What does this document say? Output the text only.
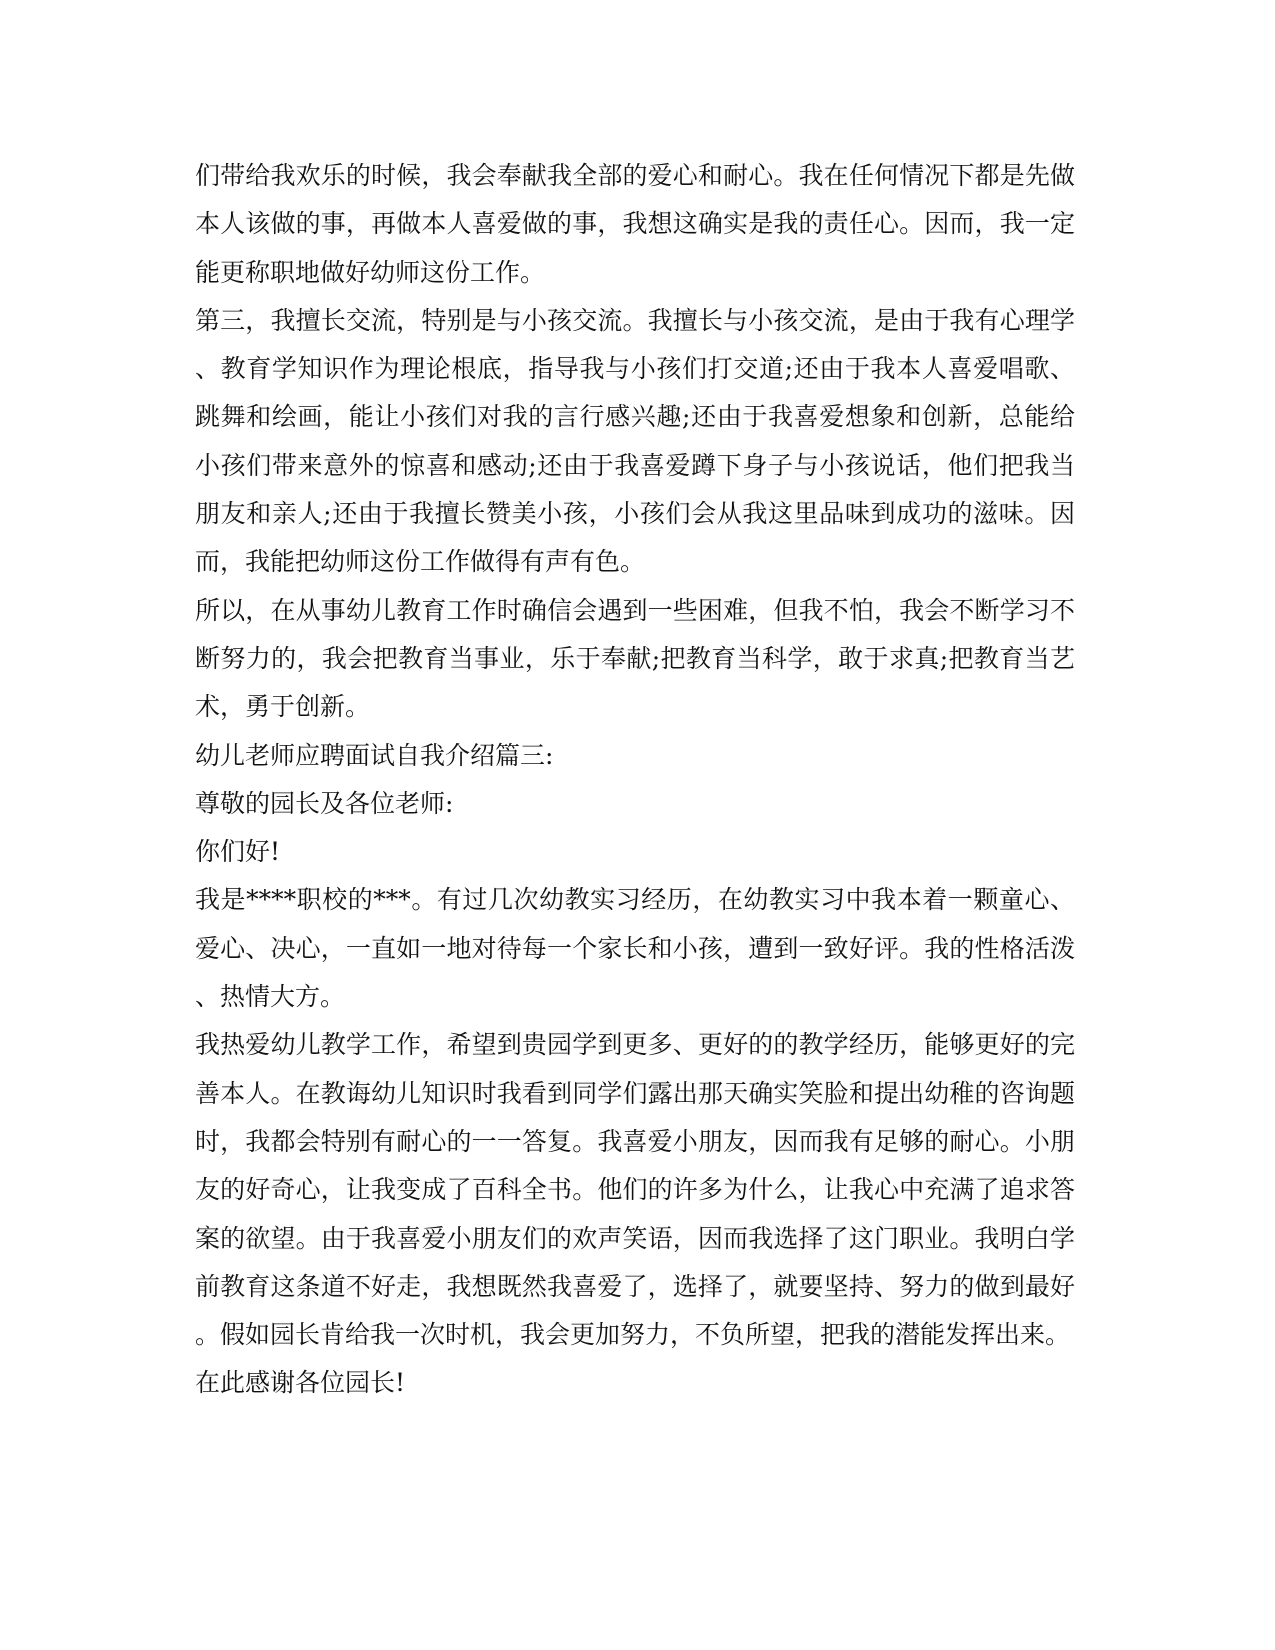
们带给我欢乐的时候，我会奉献我全部的爱心和耐心。我在任何情况下都是先做
本人该做的事，再做本人喜爱做的事，我想这确实是我的责任心。因而，我一定
能更称职地做好幼师这份工作。
第三，我擅长交流，特别是与小孩交流。我擅长与小孩交流，是由于我有心理学
、教育学知识作为理论根底，指导我与小孩们打交道;还由于我本人喜爱唱歌、
跳舞和绘画，能让小孩们对我的言行感兴趣;还由于我喜爱想象和创新，总能给
小孩们带来意外的惊喜和感动;还由于我喜爱蹲下身子与小孩说话，他们把我当
朋友和亲人;还由于我擅长赞美小孩，小孩们会从我这里品味到成功的滋味。因
而，我能把幼师这份工作做得有声有色。
所以，在从事幼儿教育工作时确信会遇到一些困难，但我不怕，我会不断学习不
断努力的，我会把教育当事业，乐于奉献;把教育当科学，敢于求真;把教育当艺
术，勇于创新。
幼儿老师应聘面试自我介绍篇三:
尊敬的园长及各位老师:
你们好!
我是****职校的***。有过几次幼教实习经历，在幼教实习中我本着一颗童心、
爱心、决心，一直如一地对待每一个家长和小孩，遭到一致好评。我的性格活泼
、热情大方。
我热爱幼儿教学工作，希望到贵园学到更多、更好的的教学经历，能够更好的完
善本人。在教诲幼儿知识时我看到同学们露出那天确实笑脸和提出幼稚的咨询题
时，我都会特别有耐心的一一答复。我喜爱小朋友，因而我有足够的耐心。小朋
友的好奇心，让我变成了百科全书。他们的许多为什么，让我心中充满了追求答
案的欲望。由于我喜爱小朋友们的欢声笑语，因而我选择了这门职业。我明白学
前教育这条道不好走，我想既然我喜爱了，选择了，就要坚持、努力的做到最好
。假如园长肯给我一次时机，我会更加努力，不负所望，把我的潜能发挥出来。
在此感谢各位园长!
